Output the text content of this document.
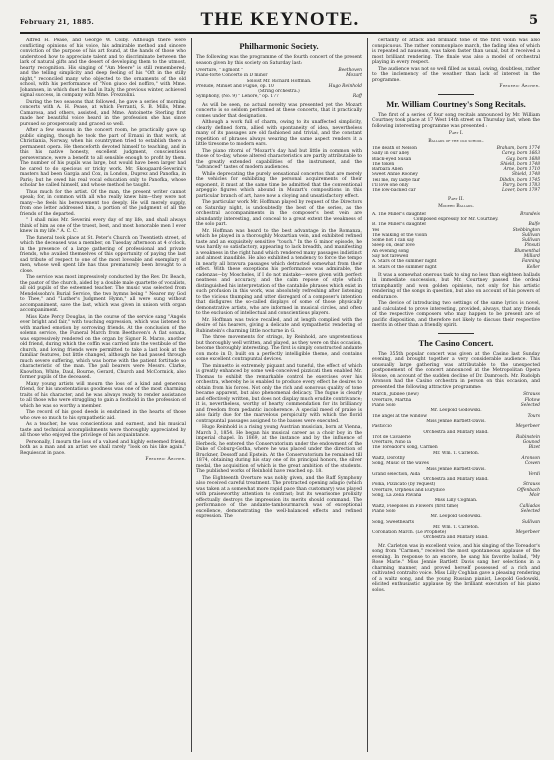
February 21, 1885.	THE KEYNOTE.	5

Alfred H. Pease, and George W. Colby. Although there were conflicting opinions of his voice, his admirable method and sincere conviction of the purpose of his art found, at the hands of those who understood how to appreciate talent and to discriminate between the lark of natural gifts and the desert of developing them to the utmost, hearty recognition. His singing of "Am Meere" is still remembered; and the telling simplicity and deep feeling of his "Oft in the stilly night," reconciled many who objected to the ornaments of the old school, with his performance of "Non giuoo del noffiro," with Mme. Johannsen, in which duet he had in Italy, the previous winter, achieved signal success, in company with Mme. Frezzolini.

During the two seasons that followed, he gave a series of morning concerts with A. H. Pease, at which Ferranti, S. B. Mills, Mme. Camarosa, and others, assisted, and Mme. Antoinette Sterling first made her beautiful voice heard in the profession she has since pursued so prosperously and graced so well.

After a few seasons in the concert room, he practically gave up public singing, though he took the part of Ernani in that work, at Christiania, Norway, when his countrymen tried to establish there a permanent opera. He thenceforth devoted himself to teaching, and in this his native honesty, excellent judgment, conscientious perseverance, were a benefit to all sensible enough to profit by them. The number of his pupils was large, but would have been larger had he cared to do specious or tricky work. Mr. Skougaard-Severini's masters had been Gargia and Cox, in London, Duprez and Panofka, in Paris; but he owed his real vocal education only to Panofka, whose scholar he called himself, and whose method he taught.

Thus much for the artist. Of the man, the present writer cannot speak; for, in common with all who really knew him—they were not many—he feels his bereavement too deeply. He will merely supply, from one letter addressed him, a portion of the judgment of all the friends of the departed.

" I shall miss Mr. Severini every day of my life, and shall always think of him as one of the truest, best, and most honorable men I ever knew in my life." A. C. C.

The funeral took place at St. Peter's Church on Twentieth street, of which the deceased was a member, on Tuesday afternoon at 4 o'clock, in the presence of a large gathering of professional and private friends, who availed themselves of this opportunity of paying the last sad tribute of respect to one of the most loveable and exemplary of men, whose well spent life has thus prematurely been brought to a close.

The service was most impressively conducted by the Rev. Dr. Beach, the pastor of the church, aided by a double male quartette of vocalists, all old pupils of the esteemed teacher. The music was selected from Mendelssohn's Burial Service, the two hymns being " Nearer my God to Thee," and "Luther's Judgment Hymn," all were sung without accompaniment, save the last, which was given in unison with organ accompaniment.

Miss Kate Percy Douglas, in the course of the service sang "Angels ever bright and fair," with touching expression, which was listened to with marked emotion by sorrowing friends. At the conclusion of the solemn service, the Funeral March from Beethoven's A flat sonata, was expressively rendered on the organ by Signor R. Marzo, another old friend, during which the coffin was carried into the vestibule of the church, and loving friends were permitted to take a last look at the familiar features, but little changed, although he had passed through much severe suffering, which was borne with the patient fortitude so characteristic of the man. The pall bearers were Messrs. Clarke, Knowlton, White, Daul, Bourne, Gerard, Church and McCormick, also former pupils of the deceased.

Many young artists will mourn the loss of a kind and generous friend, for his unostentatious goodness was one of the most charming traits of his character, and he was always ready to render assistance to all those who were struggling to gain a foothold in the profession of which he was so worthy a member.

The record of his good deeds is enshrined in the hearts of those who owe so much to his sympathetic aid.

As a teacher, he was conscientious and earnest, and his musical taste and technical accomplishments were thoroughly appreciated by all those who enjoyed the privilege of his acquaintance.

Personally, I mourn the loss of a valued and highly esteemed friend, both as a man and an artist we shall rarely "look on his like again." Requiescat in pace.

Frederic Archer.
Philharmonic Society.

The following was the programme of the fourth concert of the present season given by this society on Saturday last:

Overture, " Egmont "	Beethoven
Piano-forte Concerto in D minor	Mozart
Soloist Mr. Richard Hoffman.
Prelude, Minuet and Fugue, op. 10	Hugo Reinhold
(String orchestra.)
Symphony, (No. 9) " Lenore," op. 177	Raff

As will be seen, no actual novelty was presented yet the Mozart concerto is so seldom performed at these concerts, that it practically comes under that designation.

Although a work full of charm, owing to its unaffected simplicity, clearly defined form, allied with spontaneity of idea, nevertheless many of its passages are old fashioned and trivial, and the constant repetition of phrases always wearing the same aspect renders it a little tiresome to modern ears.

The piano ritorni of "Mozart's day had but little in common with those of to-day, whose altered characteristics are partly attributable to the greatly extended capabilities of the instrument, and the "advanced" tastes of modern audiences.

While deprecating the purely sensational concertos that are merely the vehicles for exhibiting the personal acquirements of their exponent, it must at the same time be admitted that the conventional arpeggio figures which abound in Mozart's compositions in this particular branch of art, have now a cloying and unsatisfactory effect.

The particular work Mr. Hoffman played by request of the Directors on Saturday night, is undoubtedly the best of the series, as the orchestral accompaniments in the composer's best vein are abundantly interesting, and conceal to a great extent the weakness of the solo part.

Mr. Hoffman was heard to the best advantage in the Romanza, which he played in a thoroughly Mozartian vein, and exhibited refined taste and an exquisitely sensitive "touch." In the G minor episode, he was hardly so satisfactory, appearing to lack breadth, and manifesting a weakness in the right hand which rendered many passages indistinct and almost inaudible. He also exhibited a tendency to force the tempo in nearly all bravura passages which detracted somewhat from their effect. With these exceptions his performance was admirable, the cadenzas—by Moscheles, if I do not mistake—were given with perfect neatness and accuracy, and the calm repose of style which distinguished his interpretation of the cantabile phrases which exist in such profusion in this work, was absolutely refreshing after listening to the vicious thumping and utter disregard of a composer's intention that disfigures the so-called displays of some of those physically demonstrative artists, who are informed in musical circles, and often to the exclusion of intellectual and conscientious players.

Mr. Hoffman was twice recalled, and at length complied with the desire of his hearers, giving a delicate and sympathetic rendering of Rubinstein's charming little nocturne in G.

The three movements for strings, by Reinhold, are unpretentious but thoroughly well written, and played, as they were on this occasion, become thoroughly interesting. The first is simply constructed andante con moto in D, built on a perfectly intelligible theme, and contains some excellent contrapuntal devices.

The minuetto is extremely piquant and tuneful, the effect of which is greatly enhanced by some well-conceived pizzicati then enabled Mr. Thomas to exhibit the remarkable control he exercises over his orchestra, whereby he is enabled to produce every effect he desires to obtain from his forces. Not only the rich and sonorous quality of tone became apparent, but also phenomenal delicacy. The fugue is clearly and effectively written, but does not display much erudite contrivance; it is, nevertheless, worthy of hearty commendation for its brilliancy and freedom from pedantic incoherence. A special meed of praise is also fairly due for the marvelous perspicuity with which the florid contrapuntal passages assigned to the basses were executed.

Hugo Reinhold is a rising young Austrian musician, born at Vienna, March 3, 1854. He began his musical career as a choir boy in the imperial chapel. In 1869, at the instance and by the influence of Herbeck, he entered the Conservatorium under the endowment of the Duke of Coburg-Gotha, where he was placed under the direction of Bruckner, Dessoff and Epstein. At the Conservatorium he remained till 1874, obtaining during his stay one of its principal honors, the silver medal, the acquisition of which is the great ambition of the students. The published works of Reinhold have reached op. 18.

The Eighteenth Overture was nobly given, and the Raff Symphony also received careful treatment. The protracted opening adagio (which was taken at a somewhat more rapid pace than customary) was played with praiseworthy attention to contrast; but its wearisome prolixity effectually destroys the impression its merits should command. The performance of the andante-tambourmarsch was of exceptional excellence, demonstrating the well-balanced effects and refined expression. The

certainty of attack and brilliant tone of the first violin was also conspicuous. The rather commonplace march, the fading idea of which is repeated ad nauseam, was taken faster than usual, but it received a most brilliant rendering. The finale was also a model of orchestral playing in every respect.

The audience was not so well filled as usual, owing, doubtless, rather to the inclemency of the weather than lack of interest in the programme.

Frederic Archer.
Mr. William Courtney's Song Recitals.

The first of a series of four song recitals announced by Mr. William Courtney took place at 17 West 14th street on Thursday last, when the following interesting programme was presented :

Part I.
Ballads of the old school.
The death of Nelson	Braham, born 1774
Sally in our alley	Carey, born 1663
Black-eyed Susan	Gay, born 1688
The token	Shield, born 1748
Barbara Allen	Arne, born 1710
Sweet Annie Rooney	Shield, 1748
Tell me, my ladye fair	Dibdin, born 1745
I'll love one only	Parry, born 1783
The low-backed car	Lover, born 1797
Part II.
Modern Ballads.
A. The Miller's daughter	Brandeis
Composed expressly for Mr. Courtney.
B. The Miller's daughter	Balfe
Yes	Stebbington
The walking of the violin	Sullivan
Some hot I can say	Sullivan
Sleep on, dear love	Pinsuti
An evening song	Blumenthal
Say not farewell	Millard
A. Stars of the summer night	Fanning
B. Stars of the summer night	Keller

It was a somewhat onerous task to sing no less than eighteen ballads in immediate succession, but Mr. Courtney passed the ordeal triumphantly and won golden opinions, not only for his artistic rendering of the songs in question, but also on account of his powers of endurance.

The device of introducing two settings of the same lyrics is novel, and calculated to prove interesting, provided, always, that any friends of the respective composers who may happen to be present are of pacific disposition, and therefore not likely to discuss their respective merits in other than a friendly spirit.

The Casino Concert.

The 355th popular concert was given at the Casino last Sunday evening, and brought together a very considerable audience. This unusually large gathering was attributable to the unexpected postponement of the concert announced at the Metropolitan Opera House, on account of the sudden decline of Dr. Damrosch. Mr. Rudolph Aronson had the Casino orchestra in person on this occasion, and presented the following attractive programme:

March, Jubilee (new)	Strauss
Overture, Martha	Flotow
Piano Solo	Selected
Mr. Leopold Godowski.
The angel at the window	Tours
Miss Jennie Bartlett-Davis.
Pasticcio	Meyerbeer
Orchestra and Military Band.
Trot de Cavalerie	Rubinstein
Overture, Nino la	Gounod
The Toreador's song, Carmen	Bizet
Mr. Wm. T. Carleton.
Waltz, Dorothy	Aronson
Song, Music of the waves	Cowen
Miss Jennie Bartlett-Davis.
Grand selection, Aida	Verdi
Orchestra and Military Band.
Polka, Pizzicato (by request)	Strauss
Overture, Orpheus and Eurydice	Offenbach
Song, La Zelia Pavana	Moir
Miss Lilly Coghlan.
Waltz, Fleepoles in Flowers (first time)	Calliadas
Piano Solo	Selected
Mr. Leopold Godowski.
Song, Sweethearts	Sullivan
Mr. Wm. T. Carleton.
Coronation March. (Le Prophete)	Meyerbeer
Orchestra and Military Band.

Mr. Carleton was in excellent voice, and his singing of the Toreador's song from "Carmen," received the most spontaneous applause of the evening. In response to an encore, he sang his favorite ballad, "My Rose Marie." Miss Jennie Bartlett Davis sang her selections in a charming manner, and proved herself possessed of a rich and cultivated contralto voice. Miss Lilly Coghlan gave a pleasing rendering of a waltz song, and the young Russian pianist, Leopold Godowski, elicited enthusiastic applause by the brilliant execution of his piano solos.
